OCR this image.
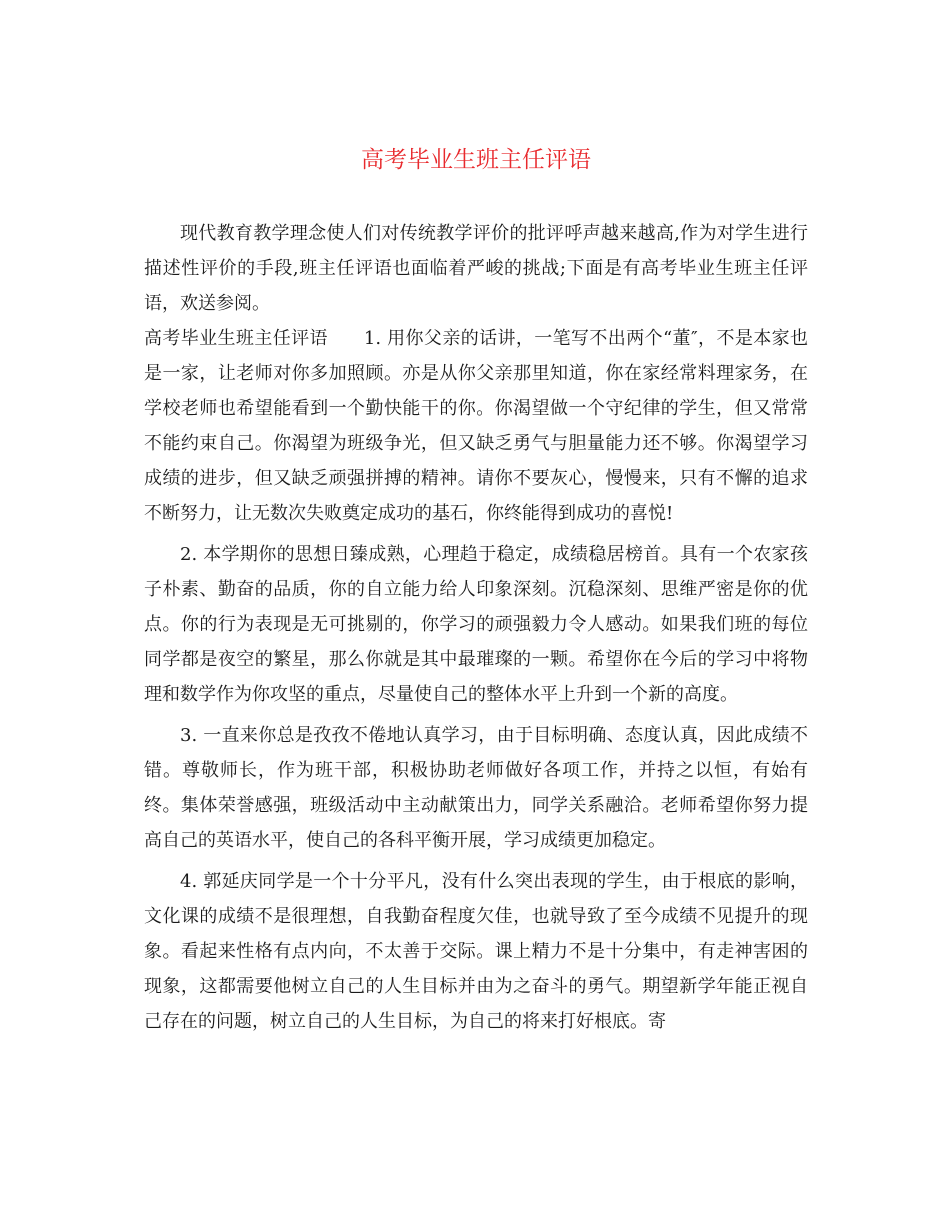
高考毕业生班主任评语

现代教育教学理念使人们对传统教学评价的批评呼声越来越高,作为对学生进行描述性评价的手段,班主任评语也面临着严峻的挑战;下面是有高考毕业生班主任评语，欢送参阅。

高考毕业生班主任评语 1. 用你父亲的话讲，一笔写不出两个“董″，不是本家也是一家，让老师对你多加照顾。亦是从你父亲那里知道，你在家经常料理家务，在学校老师也希望能看到一个勤快能干的你。你渴望做一个守纪律的学生，但又常常不能约束自己。你渴望为班级争光，但又缺乏勇气与胆量能力还不够。你渴望学习成绩的进步，但又缺乏顽强拼搏的精神。请你不要灰心，慢慢来，只有不懈的追求不断努力，让无数次失败奠定成功的基石，你终能得到成功的喜悦!

2. 本学期你的思想日臻成熟，心理趋于稳定，成绩稳居榜首。具有一个农家孩子朴素、勤奋的品质，你的自立能力给人印象深刻。沉稳深刻、思维严密是你的优点。你的行为表现是无可挑剔的，你学习的顽强毅力令人感动。如果我们班的每位同学都是夜空的繁星，那么你就是其中最璀璨的一颗。希望你在今后的学习中将物理和数学作为你攻坚的重点，尽量使自己的整体水平上升到一个新的高度。

3. 一直来你总是孜孜不倦地认真学习，由于目标明确、态度认真，因此成绩不错。尊敬师长，作为班干部，积极协助老师做好各项工作，并持之以恒，有始有终。集体荣誉感强，班级活动中主动献策出力，同学关系融洽。老师希望你努力提高自己的英语水平，使自己的各科平衡开展，学习成绩更加稳定。

4. 郭延庆同学是一个十分平凡，没有什么突出表现的学生，由于根底的影响，文化课的成绩不是很理想，自我勤奋程度欠佳，也就导致了至今成绩不见提升的现象。看起来性格有点内向，不太善于交际。课上精力不是十分集中，有走神害困的现象，这都需要他树立自己的人生目标并由为之奋斗的勇气。期望新学年能正视自己存在的问题，树立自己的人生目标，为自己的将来打好根底。寄
